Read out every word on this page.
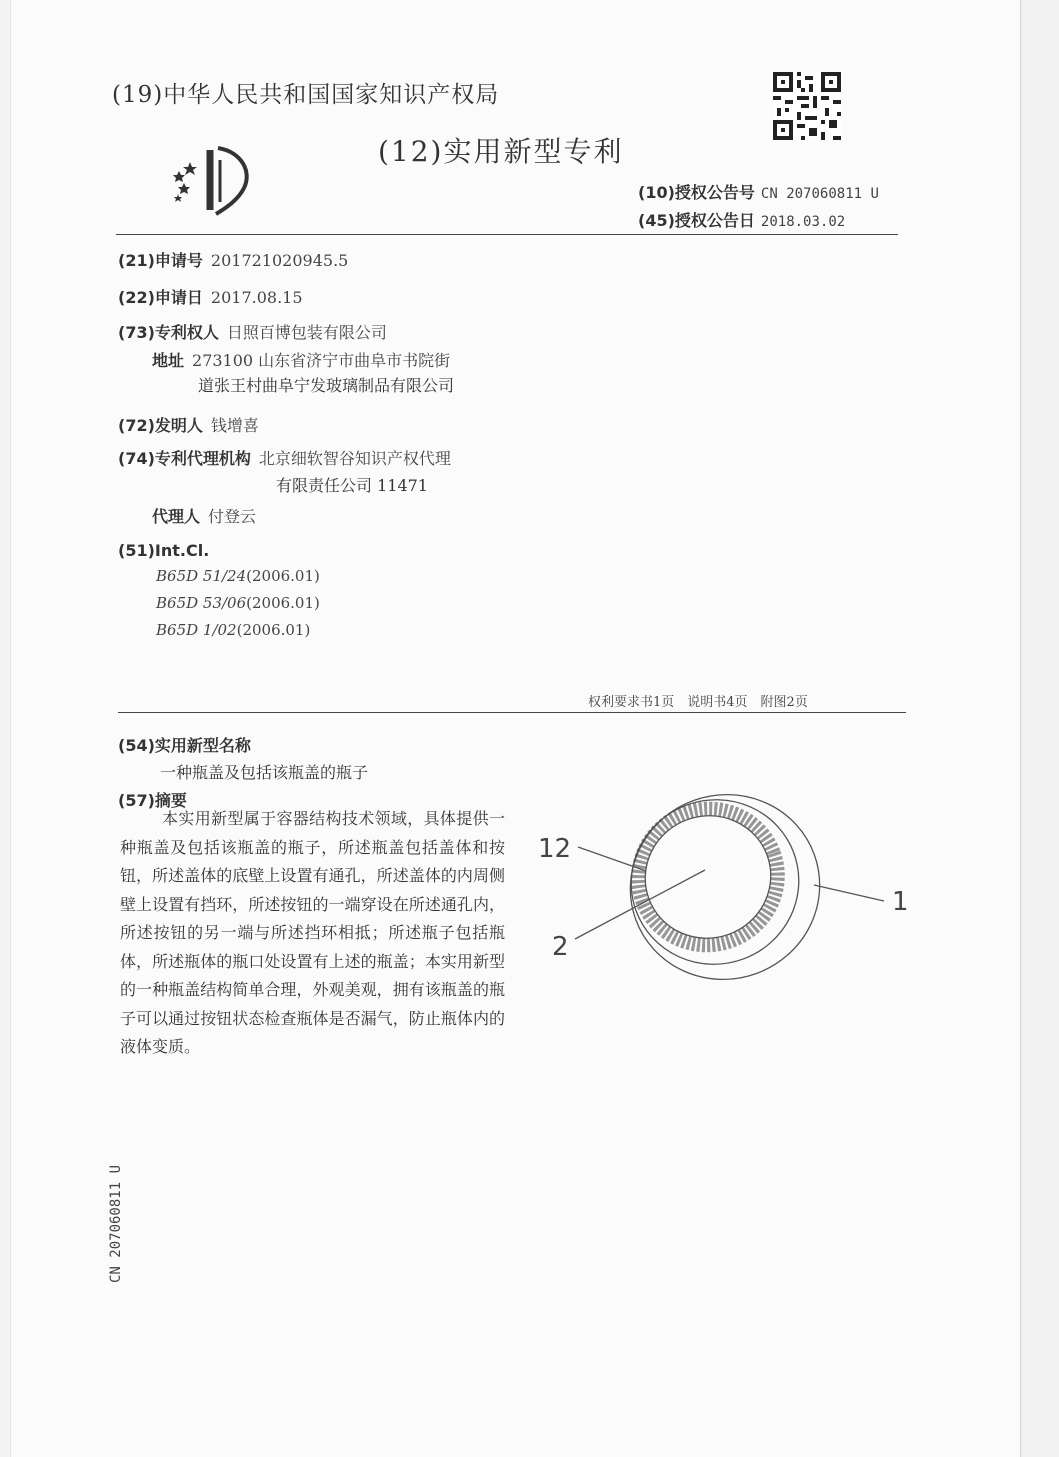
(19)中华人民共和国国家知识产权局
(12)实用新型专利
(10)授权公告号 CN 207060811 U
(45)授权公告日 2018.03.02
(21)申请号 201721020945.5
(22)申请日 2017.08.15
(73)专利权人 日照百博包装有限公司
地址 273100 山东省济宁市曲阜市书院街
道张王村曲阜宁发玻璃制品有限公司
(72)发明人 钱增喜
(74)专利代理机构 北京细软智谷知识产权代理
有限责任公司 11471
代理人 付登云
(51)Int.Cl.
B65D 51/24(2006.01)
B65D 53/06(2006.01)
B65D 1/02(2006.01)
权利要求书1页　说明书4页　附图2页
(54)实用新型名称
一种瓶盖及包括该瓶盖的瓶子
(57)摘要
本实用新型属于容器结构技术领域，具体提供一种瓶盖及包括该瓶盖的瓶子，所述瓶盖包括盖体和按钮，所述盖体的底壁上设置有通孔，所述盖体的内周侧壁上设置有挡环，所述按钮的一端穿设在所述通孔内，所述按钮的另一端与所述挡环相抵；所述瓶子包括瓶体，所述瓶体的瓶口处设置有上述的瓶盖；本实用新型的一种瓶盖结构简单合理，外观美观，拥有该瓶盖的瓶子可以通过按钮状态检查瓶体是否漏气，防止瓶体内的液体变质。
12
2
1
CN 207060811 U
